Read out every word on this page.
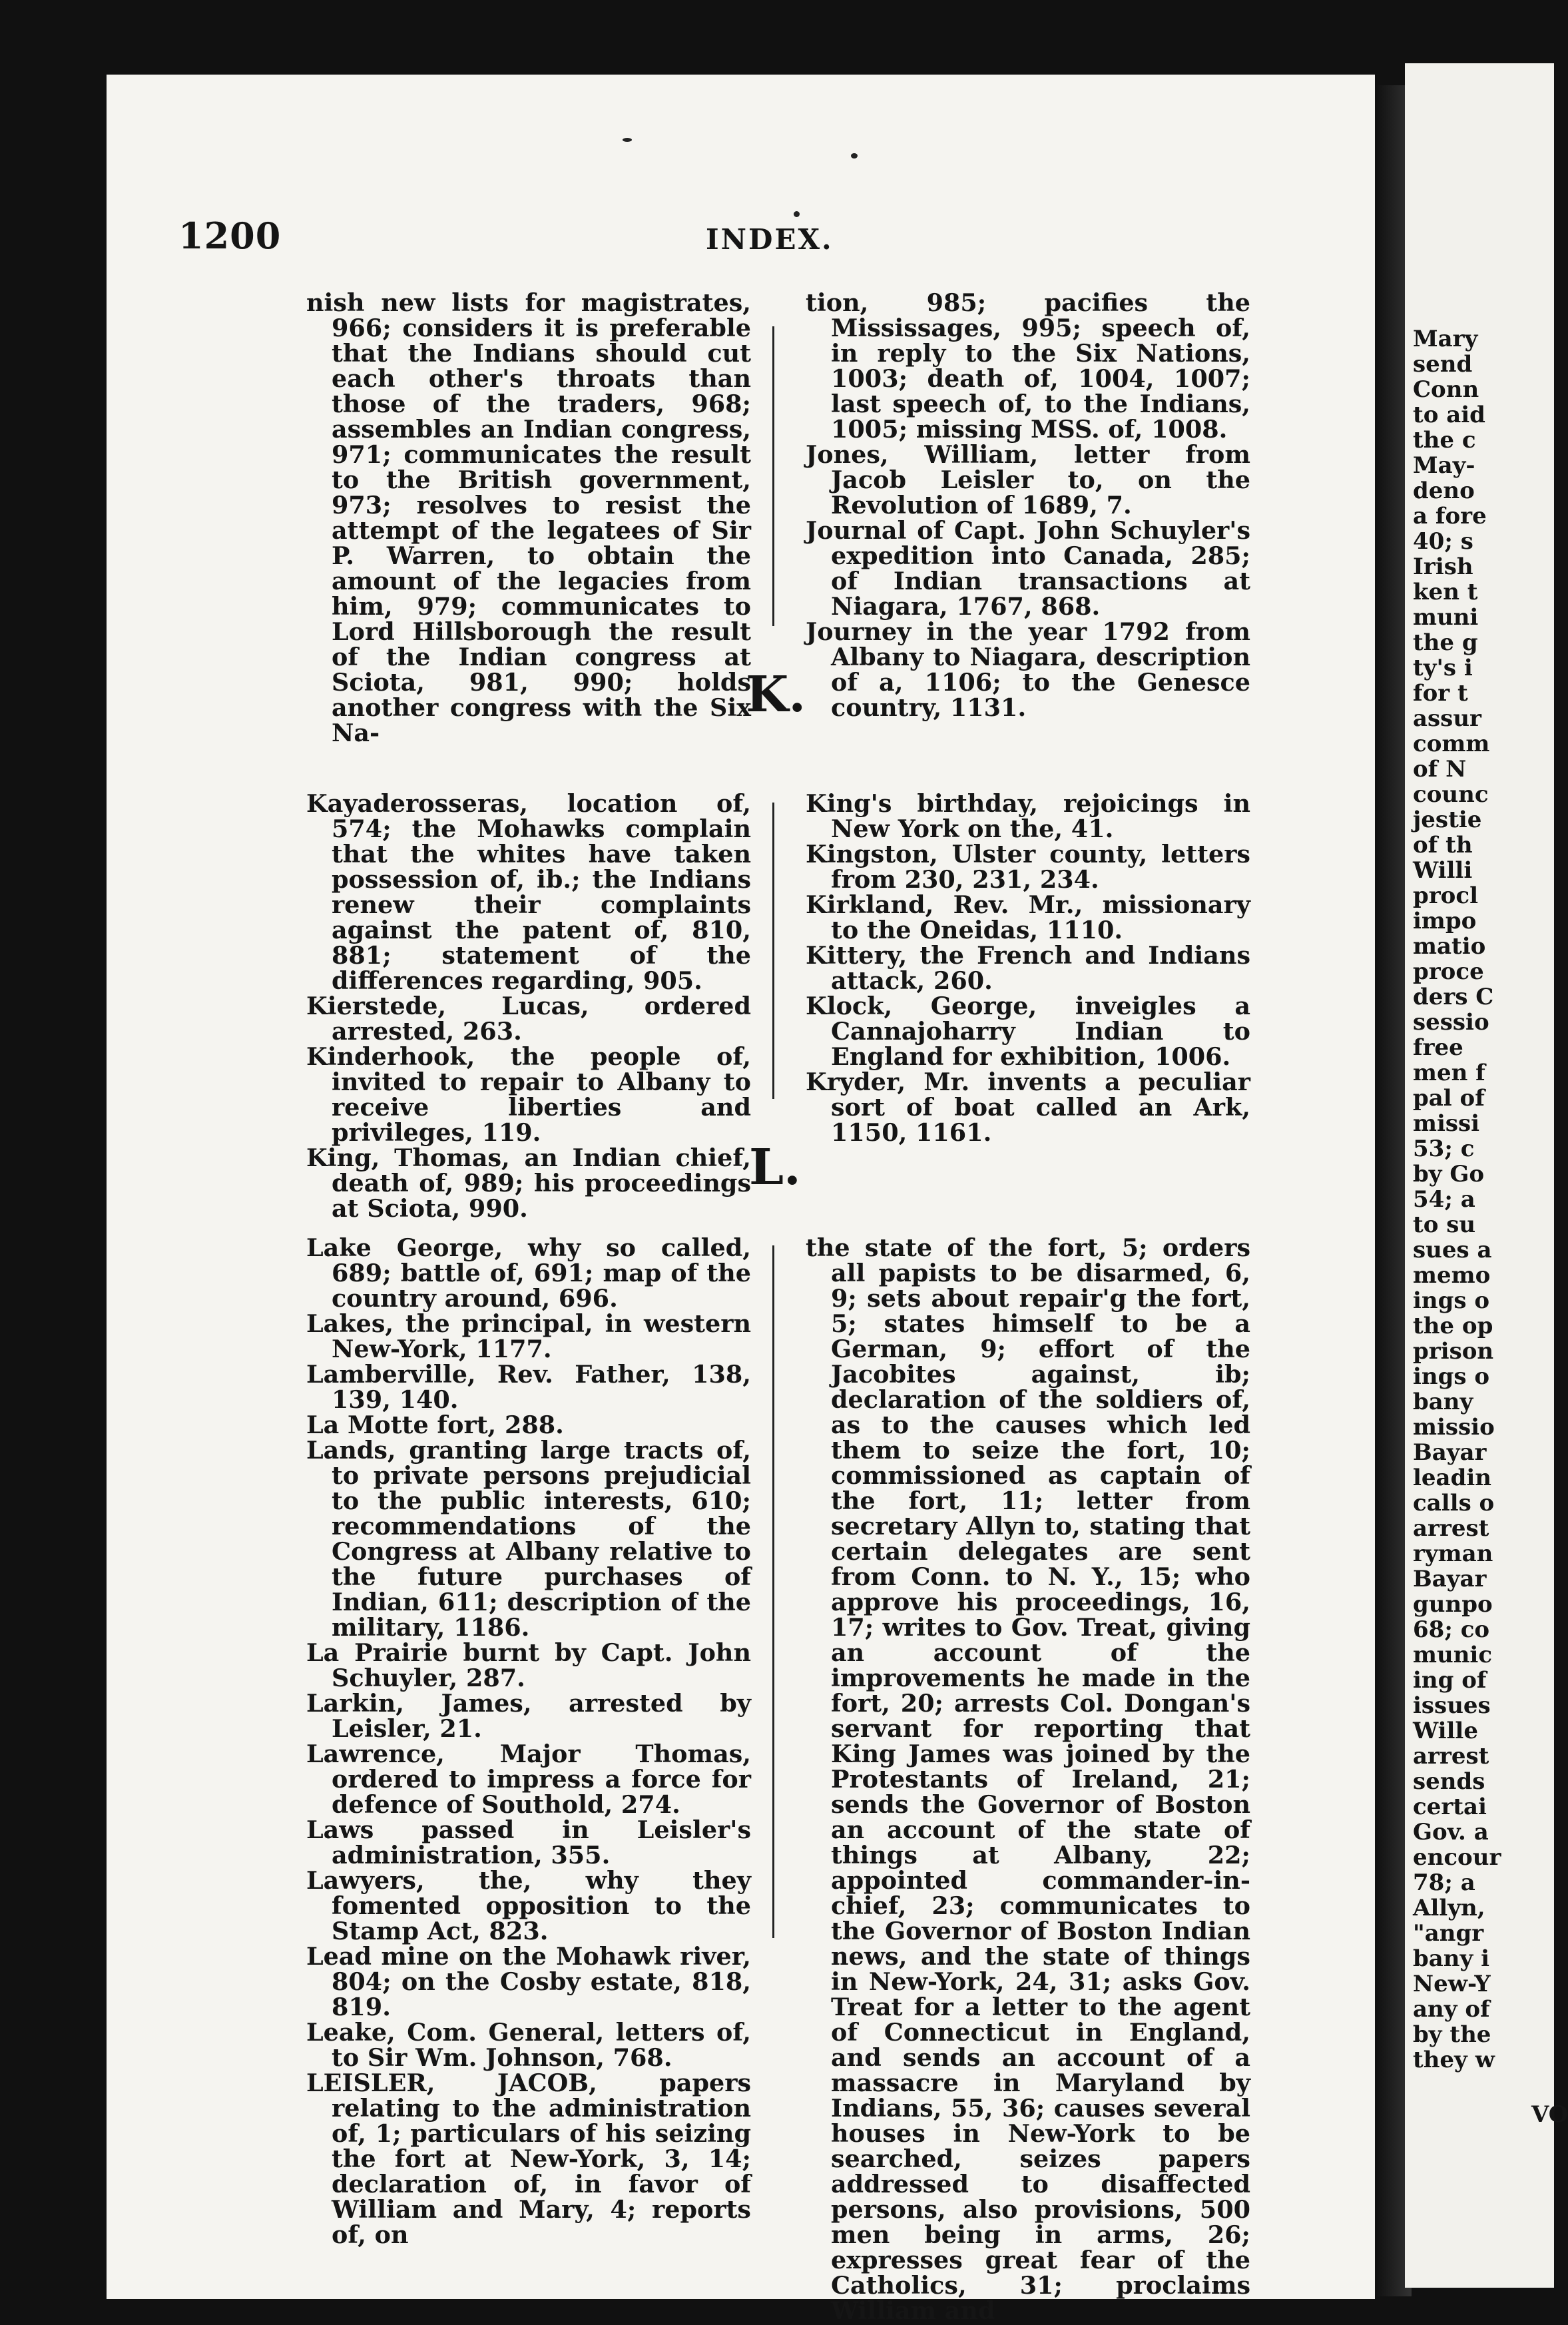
Mary
send
Conn
to aid
the c
May-
deno
a fore
40; s
Irish
ken t
muni
the g
ty's i
for t
assur
comm
of N
counc
jestie
of th
Willi
procl
impo
matio
proce
ders C
sessio
free
men f
pal of
missi
53; c
by Go
54; a
to su
sues a
memo
ings o
the op
prison
ings o
bany
missio
Bayar
leadin
calls o
arrest
ryman
Bayar
gunpo
68; co
munic
ing of
issues
Wille
arrest
sends
certai
Gov. a
encour
78; a
Allyn,
"angr
bany i
New-Y
any of
by the
they w
VO
1200	INDEX.

nish new lists for magistrates, 966; considers it is preferable that the Indians should cut each other's throats than those of the traders, 968; assembles an Indian congress, 971; communicates the result to the British government, 973; resolves to resist the attempt of the legatees of Sir P. Warren, to obtain the amount of the legacies from him, 979; communicates to Lord Hillsborough the result of the Indian congress at Sciota, 981, 990; holds another congress with the Six Na-

tion, 985; pacifies the Mississages, 995; speech of, in reply to the Six Nations, 1003; death of, 1004, 1007; last speech of, to the Indians, 1005; missing MSS. of, 1008.

Jones, William, letter from Jacob Leisler to, on the Revolution of 1689, 7.

Journal of Capt. John Schuyler's expedition into Canada, 285; of Indian transactions at Niagara, 1767, 868.

Journey in the year 1792 from Albany to Niagara, description of a, 1106; to the Genesce country, 1131.

K.

Kayaderosseras, location of, 574; the Mohawks complain that the whites have taken possession of, ib.; the Indians renew their complaints against the patent of, 810, 881; statement of the differences regarding, 905.

Kierstede, Lucas, ordered arrested, 263.

Kinderhook, the people of, invited to repair to Albany to receive liberties and privileges, 119.

King, Thomas, an Indian chief, death of, 989; his proceedings at Sciota, 990.

King's birthday, rejoicings in New York on the, 41.

Kingston, Ulster county, letters from 230, 231, 234.

Kirkland, Rev. Mr., missionary to the Oneidas, 1110.

Kittery, the French and Indians attack, 260.

Klock, George, inveigles a Cannajoharry Indian to England for exhibition, 1006.

Kryder, Mr. invents a peculiar sort of boat called an Ark, 1150, 1161.

L.

Lake George, why so called, 689; battle of, 691; map of the country around, 696.

Lakes, the principal, in western New-York, 1177.

Lamberville, Rev. Father, 138, 139, 140.

La Motte fort, 288.

Lands, granting large tracts of, to private persons prejudicial to the public interests, 610; recommendations of the Congress at Albany relative to the future purchases of Indian, 611; description of the military, 1186.

La Prairie burnt by Capt. John Schuyler, 287.

Larkin, James, arrested by Leisler, 21.

Lawrence, Major Thomas, ordered to impress a force for defence of Southold, 274.

Laws passed in Leisler's administration, 355.

Lawyers, the, why they fomented opposition to the Stamp Act, 823.

Lead mine on the Mohawk river, 804; on the Cosby estate, 818, 819.

Leake, Com. General, letters of, to Sir Wm. Johnson, 768.

LEISLER, JACOB, papers relating to the administration of, 1; particulars of his seizing the fort at New-York, 3, 14; declaration of, in favor of William and Mary, 4; reports of, on

the state of the fort, 5; orders all papists to be disarmed, 6, 9; sets about repair'g the fort, 5; states himself to be a German, 9; effort of the Jacobites against, ib; declaration of the soldiers of, as to the causes which led them to seize the fort, 10; commissioned as captain of the fort, 11; letter from secretary Allyn to, stating that certain delegates are sent from Conn. to N. Y., 15; who approve his proceedings, 16, 17; writes to Gov. Treat, giving an account of the improvements he made in the fort, 20; arrests Col. Dongan's servant for reporting that King James was joined by the Protestants of Ireland, 21; sends the Governor of Boston an account of the state of things at Albany, 22; appointed commander-in-chief, 23; communicates to the Governor of Boston Indian news, and the state of things in New-York, 24, 31; asks Gov. Treat for a letter to the agent of Connecticut in England, and sends an account of a massacre in Maryland by Indians, 55, 36; causes several houses in New-York to be searched, seizes papers addressed to disaffected persons, also provisions, 500 men being in arms, 26; expresses great fear of the Catholics, 31; proclaims William and
